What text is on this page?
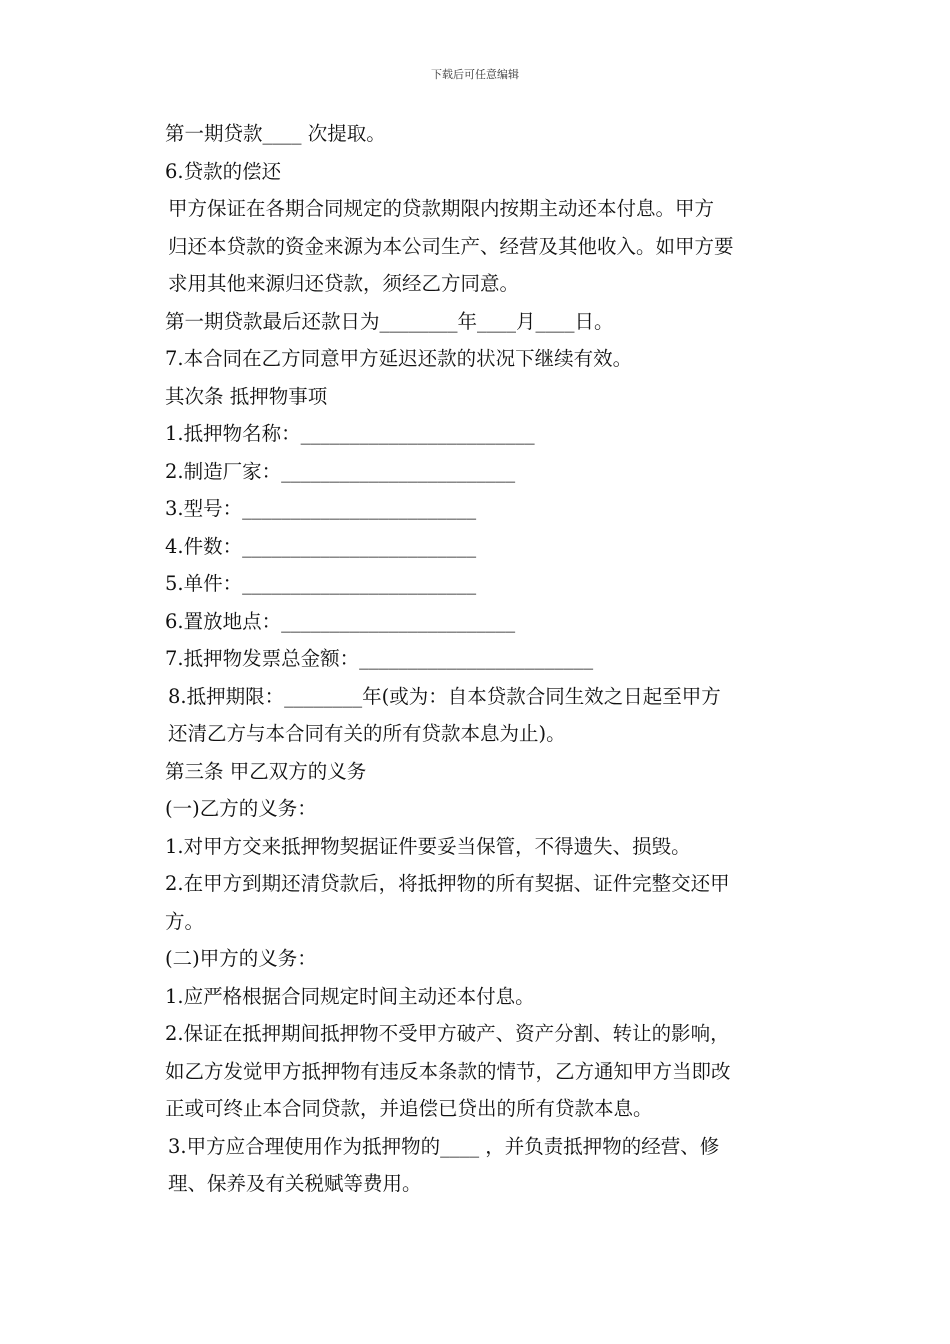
下载后可任意编辑
第一期贷款____ 次提取。
6.贷款的偿还
甲方保证在各期合同规定的贷款期限内按期主动还本付息。甲方
归还本贷款的资金来源为本公司生产、经营及其他收入。如甲方要
求用其他来源归还贷款，须经乙方同意。
第一期贷款最后还款日为________年____月____日。
7.本合同在乙方同意甲方延迟还款的状况下继续有效。
其次条 抵押物事项
1.抵押物名称：________________________
2.制造厂家：________________________
3.型号：________________________
4.件数：________________________
5.单件：________________________
6.置放地点：________________________
7.抵押物发票总金额：________________________
8.抵押期限：________年(或为：自本贷款合同生效之日起至甲方
还清乙方与本合同有关的所有贷款本息为止)。
第三条 甲乙双方的义务
(一)乙方的义务：
1.对甲方交来抵押物契据证件要妥当保管，不得遗失、损毁。
2.在甲方到期还清贷款后，将抵押物的所有契据、证件完整交还甲
方。
(二)甲方的义务：
1.应严格根据合同规定时间主动还本付息。
2.保证在抵押期间抵押物不受甲方破产、资产分割、转让的影响，
如乙方发觉甲方抵押物有违反本条款的情节，乙方通知甲方当即改
正或可终止本合同贷款，并追偿已贷出的所有贷款本息。
3.甲方应合理使用作为抵押物的____ ，并负责抵押物的经营、修
理、保养及有关税赋等费用。
